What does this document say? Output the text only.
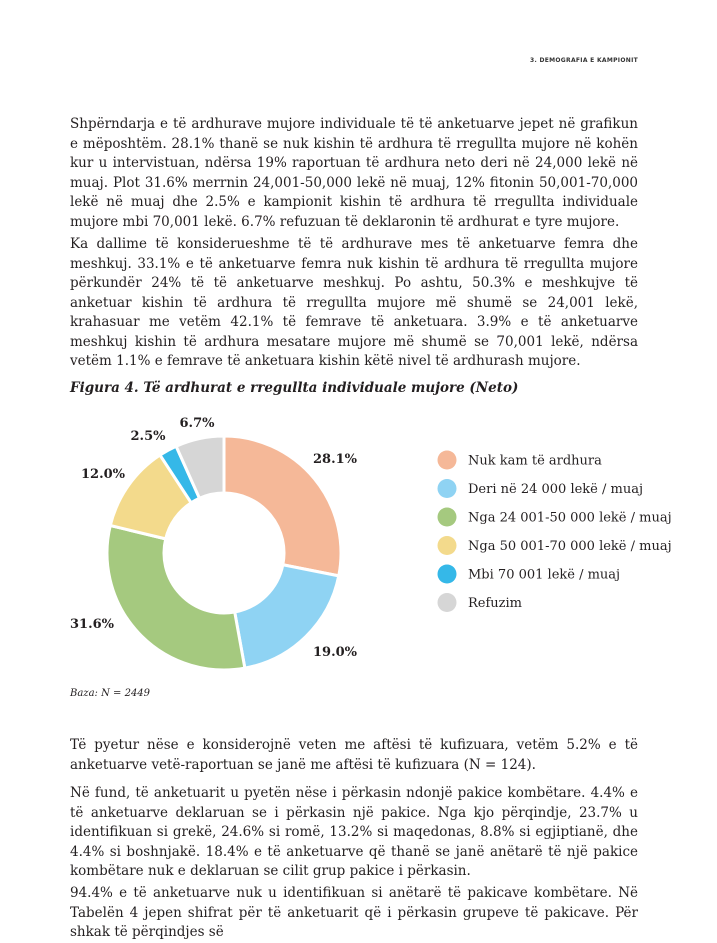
3. DEMOGRAFIA E KAMPIONIT

Shpërndarja e të ardhurave mujore individuale të të anketuarve jepet në grafikun e mëposhtëm. 28.1% thanë se nuk kishin të ardhura të rregullta mujore në kohën kur u intervistuan, ndërsa 19% raportuan të ardhura neto deri në 24,000 lekë në muaj. Plot 31.6% merrnin 24,001-50,000 lekë në muaj, 12% fitonin 50,001-70,000 lekë në muaj dhe 2.5% e kampionit kishin të ardhura të rregullta individuale mujore mbi 70,001 lekë. 6.7% refuzuan të deklaronin të ardhurat e tyre mujore.

Ka dallime të konsiderueshme të të ardhurave mes të anketuarve femra dhe meshkuj. 33.1% e të anketuarve femra nuk kishin të ardhura të rregullta mujore përkundër 24% të të anketuarve meshkuj. Po ashtu, 50.3% e meshkujve të anketuar kishin të ardhura të rregullta mujore më shumë se 24,001 lekë, krahasuar me vetëm 42.1% të femrave të anketuara. 3.9% e të anketuarve meshkuj kishin të ardhura mesatare mujore më shumë se 70,001 lekë, ndërsa vetëm 1.1% e femrave të anketuara kishin këtë nivel të ardhurash mujore.

Figura 4. Të ardhurat e rregullta individuale mujore (Neto)

28.1%
19.0%
31.6%
12.0%
2.5%
6.7%
Nuk kam të ardhura
Deri në 24 000 lekë / muaj
Nga 24 001-50 000 lekë / muaj
Nga 50 001-70 000 lekë / muaj
Mbi 70 001 lekë / muaj
Refuzim
Baza: N = 2449

Të pyetur nëse e konsiderojnë veten me aftësi të kufizuara, vetëm 5.2% e të anketuarve vetë-raportuan se janë me aftësi të kufizuara (N = 124).

Në fund, të anketuarit u pyetën nëse i përkasin ndonjë pakice kombëtare. 4.4% e të anketuarve deklaruan se i përkasin një pakice. Nga kjo përqindje, 23.7% u identifikuan si grekë, 24.6% si romë, 13.2% si maqedonas, 8.8% si egjiptianë, dhe 4.4% si boshnjakë. 18.4% e të anketuarve që thanë se janë anëtarë të një pakice kombëtare nuk e deklaruan se cilit grup pakice i përkasin.

94.4% e të anketuarve nuk u identifikuan si anëtarë të pakicave kombëtare. Në Tabelën 4 jepen shifrat për të anketuarit që i përkasin grupeve të pakicave. Për shkak të përqindjes së
